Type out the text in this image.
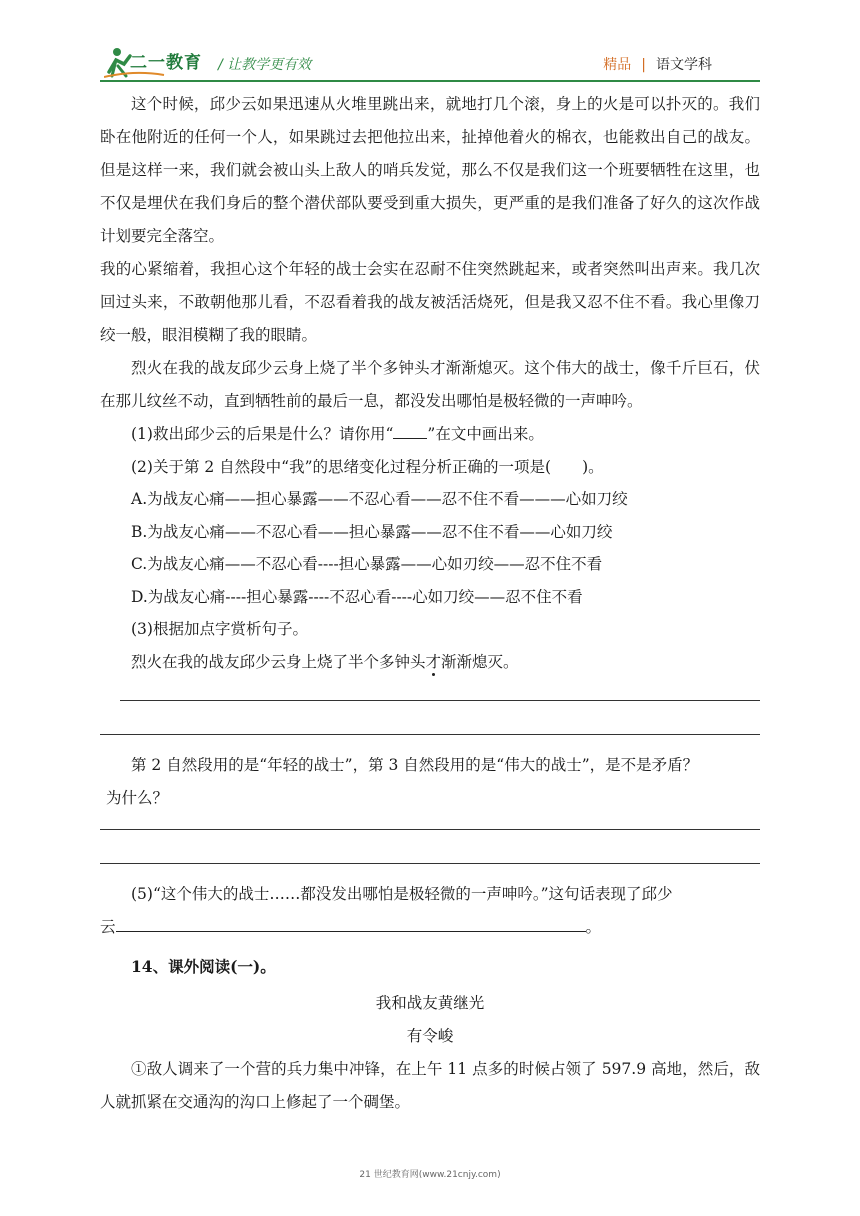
二一教育 / 让教学更有效	精品 | 语文学科

这个时候，邱少云如果迅速从火堆里跳出来，就地打几个滚，身上的火是可以扑灭的。我们卧在他附近的任何一个人，如果跳过去把他拉出来，扯掉他着火的棉衣，也能救出自己的战友。但是这样一来，我们就会被山头上敌人的哨兵发觉，那么不仅是我们这一个班要牺牲在这里，也不仅是埋伏在我们身后的整个潜伏部队要受到重大损失，更严重的是我们准备了好久的这次作战计划要完全落空。

我的心紧缩着，我担心这个年轻的战士会实在忍耐不住突然跳起来，或者突然叫出声来。我几次回过头来，不敢朝他那儿看，不忍看着我的战友被活活烧死，但是我又忍不住不看。我心里像刀绞一般，眼泪模糊了我的眼睛。

烈火在我的战友邱少云身上烧了半个多钟头才渐渐熄灭。这个伟大的战士，像千斤巨石，伏在那儿纹丝不动，直到牺牲前的最后一息，都没发出哪怕是极轻微的一声呻吟。

(1)救出邱少云的后果是什么？请你用“ ”在文中画出来。

(2)关于第 2 自然段中“我”的思绪变化过程分析正确的一项是(　　)。

A.为战友心痛——担心暴露——不忍心看——忍不住不看———心如刀绞

B.为战友心痛——不忍心看——担心暴露——忍不住不看——心如刀绞

C.为战友心痛——不忍心看----担心暴露——心如刃绞——忍不住不看

D.为战友心痛----担心暴露----不忍心看----心如刀绞——忍不住不看

(3)根据加点字赏析句子。

烈火在我的战友邱少云身上烧了半个多钟头才渐渐熄灭。

第 2 自然段用的是“年轻的战士”，第 3 自然段用的是“伟大的战士”，是不是矛盾？

为什么？

(5)“这个伟大的战士……都没发出哪怕是极轻微的一声呻吟。”这句话表现了邱少

云	。

14、课外阅读(一)。

我和战友黄继光

有令峻

①敌人调来了一个营的兵力集中冲锋，在上午 11 点多的时候占领了 597.9 高地，然后，敌人就抓紧在交通沟的沟口上修起了一个碉堡。

21 世纪教育网(www.21cnjy.com)
